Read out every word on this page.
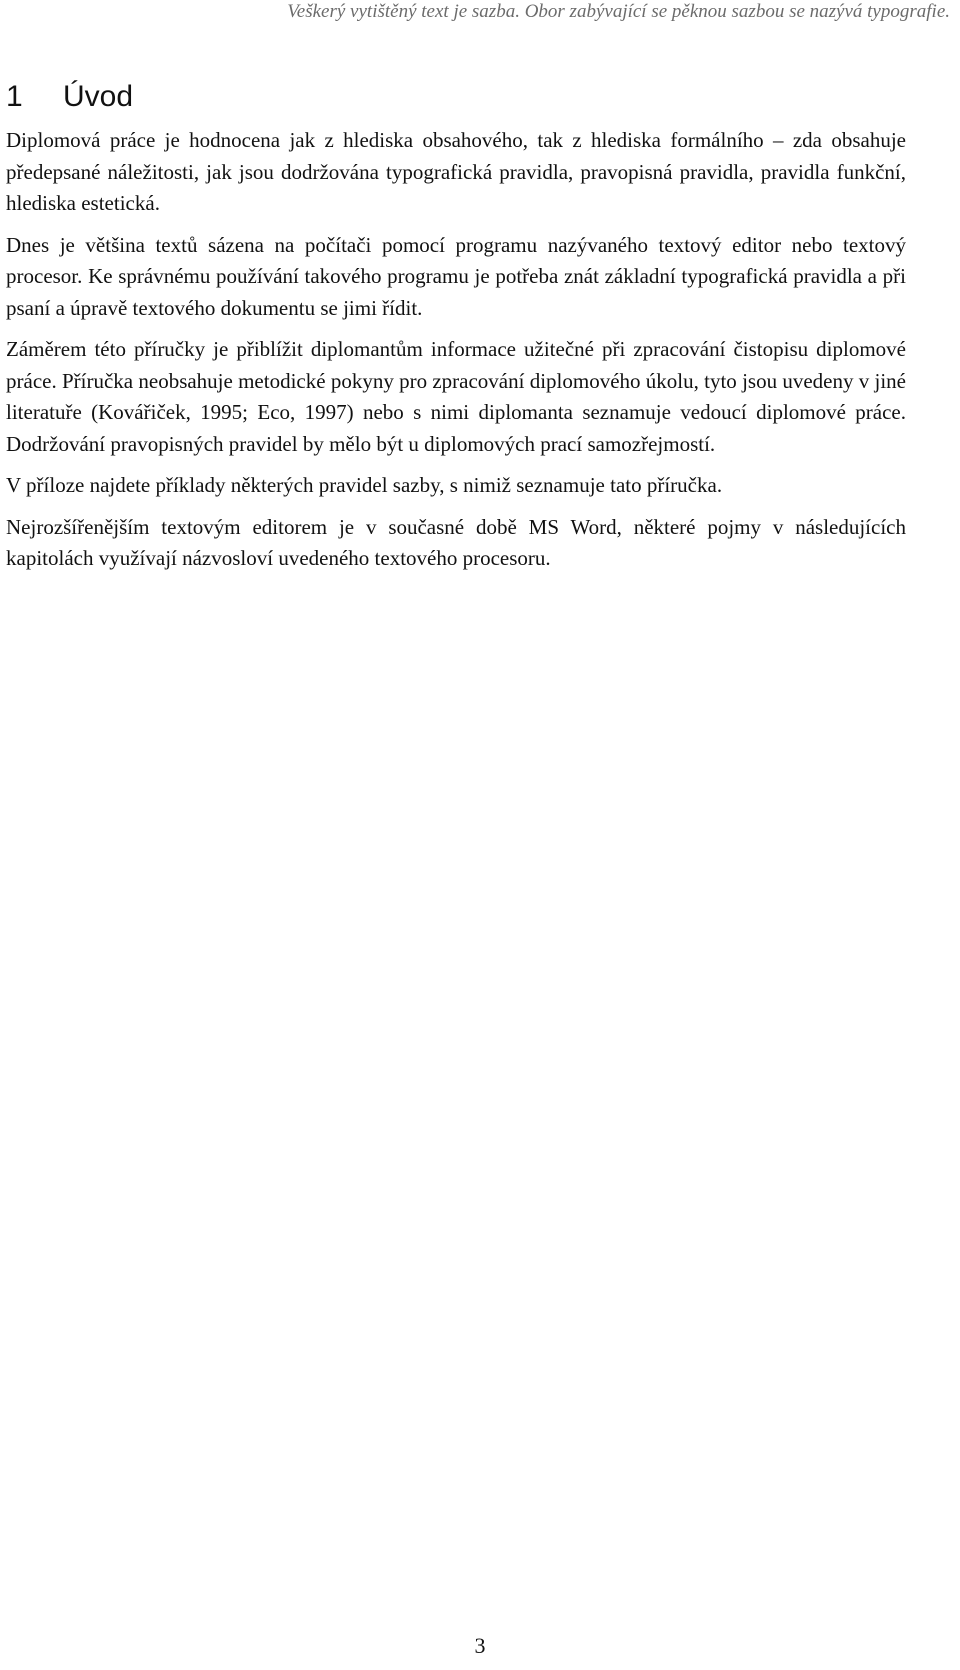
Veškerý vytištěný text je sazba. Obor zabývající se pěknou sazbou se nazývá typografie.
1 Úvod

Diplomová práce je hodnocena jak z hlediska obsahového, tak z hlediska formálního – zda obsahuje předepsané náležitosti, jak jsou dodržována typografická pravidla, pravopisná pravidla, pravidla funkční, hlediska estetická.

Dnes je většina textů sázena na počítači pomocí programu nazývaného textový editor nebo textový procesor. Ke správnému používání takového programu je potřeba znát základní typografická pravidla a při psaní a úpravě textového dokumentu se jimi řídit.

Záměrem této příručky je přiblížit diplomantům informace užitečné při zpracování čistopisu diplomové práce. Příručka neobsahuje metodické pokyny pro zpracování diplomového úkolu, tyto jsou uvedeny v jiné literatuře (Kovářiček, 1995; Eco, 1997) nebo s nimi diplomanta seznamuje vedoucí diplomové práce. Dodržování pravopisných pravidel by mělo být u diplomových prací samozřejmostí.

V příloze najdete příklady některých pravidel sazby, s nimiž seznamuje tato příručka.

Nejrozšířenějším textovým editorem je v současné době MS Word, některé pojmy v následujících kapitolách využívají názvosloví uvedeného textového procesoru.

3
